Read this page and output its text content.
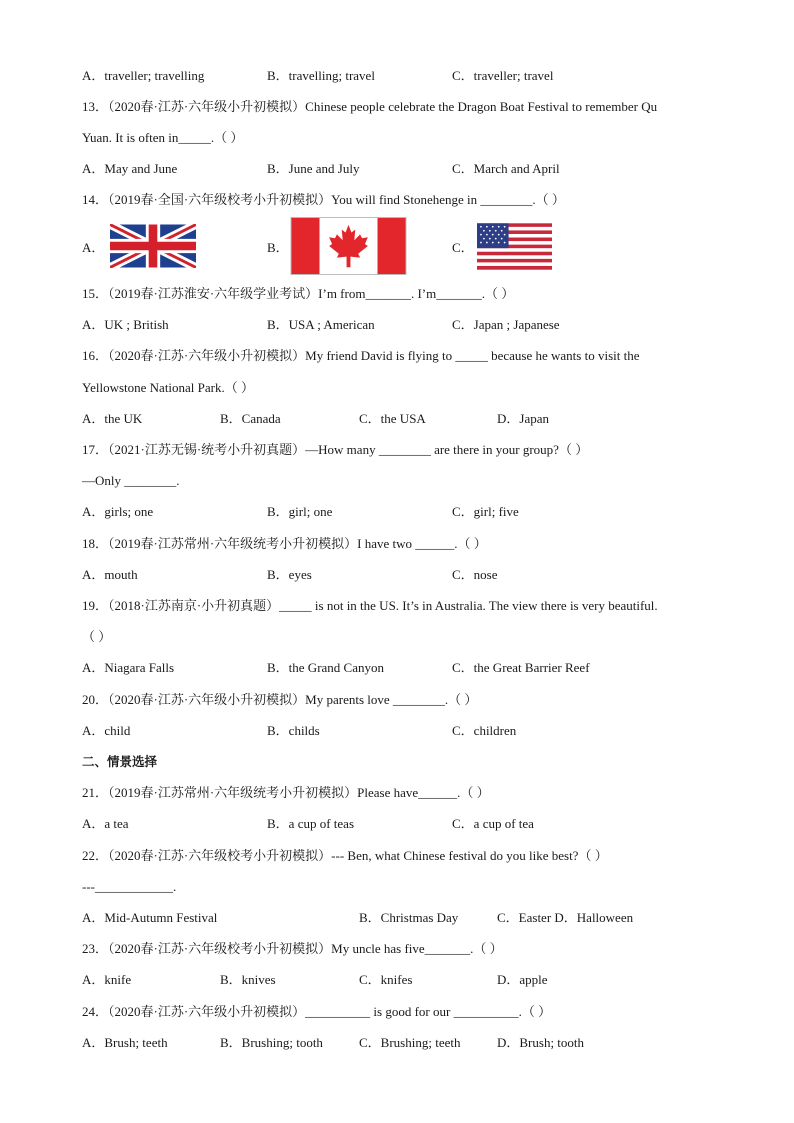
A．traveller; travelling	B．travelling; travel	C．traveller; travel
13．（2020春·江苏·六年级小升初模拟）Chinese people celebrate the Dragon Boat Festival to remember Qu
Yuan. It is often in_____.（ ）
A．May and June	B．June and July	C．March and April
14．（2019春·全国·六年级校考小升初模拟）You will find Stonehenge in ________.（ ）
A．	B．	C．
15．（2019春·江苏淮安·六年级学业考试）I’m from_______. I’m_______.（ ）
A．UK ; British	B．USA ; American	C．Japan ; Japanese
16．（2020春·江苏·六年级小升初模拟）My friend David is flying to _____ because he wants to visit the
Yellowstone National Park.（ ）
A．the UK	B．Canada	C．the USA	D．Japan
17．（2021·江苏无锡·统考小升初真题）—How many ________ are there in your group?（ ）
—Only ________.
A．girls; one	B．girl; one	C．girl; five
18．（2019春·江苏常州·六年级统考小升初模拟）I have two ______.（ ）
A．mouth	B．eyes	C．nose
19．（2018·江苏南京·小升初真题）_____ is not in the US. It’s in Australia. The view there is very beautiful.
（ ）
A．Niagara Falls	B．the Grand Canyon	C．the Great Barrier Reef
20．（2020春·江苏·六年级小升初模拟）My parents love ________.（ ）
A．child	B．childs	C．children
二、情景选择
21．（2019春·江苏常州·六年级统考小升初模拟）Please have______.（ ）
A．a tea	B．a cup of teas	C．a cup of tea
22．（2020春·江苏·六年级校考小升初模拟）--- Ben, what Chinese festival do you like best?（ ）
---____________.
A．Mid-Autumn Festival	B．Christmas Day	C．Easter D．Halloween
23．（2020春·江苏·六年级校考小升初模拟）My uncle has five_______.（ ）
A．knife	B．knives	C．knifes	D．apple
24．（2020春·江苏·六年级小升初模拟）__________ is good for our __________.（ ）
A．Brush; teeth	B．Brushing; tooth	C．Brushing; teeth	D．Brush; tooth
